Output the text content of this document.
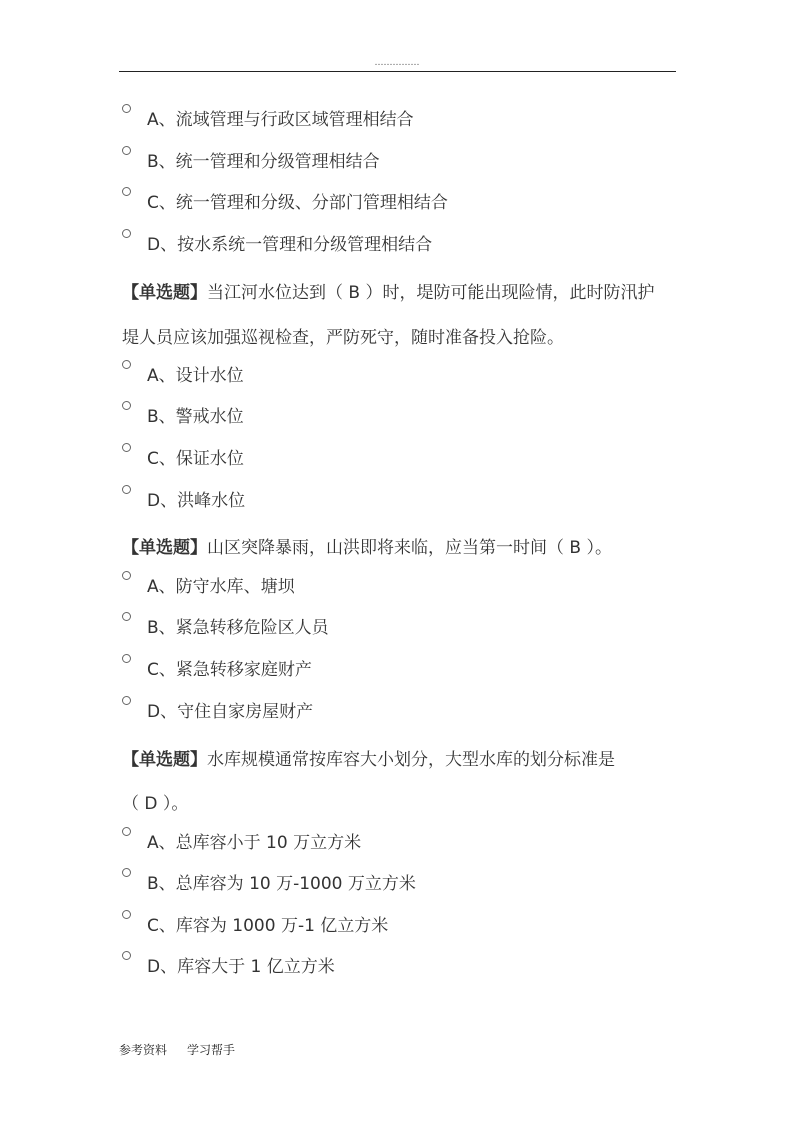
……………
A、流域管理与行政区域管理相结合
B、统一管理和分级管理相结合
C、统一管理和分级、分部门管理相结合
D、按水系统一管理和分级管理相结合
【单选题】当江河水位达到（ B ）时，堤防可能出现险情，此时防汛护
堤人员应该加强巡视检查，严防死守，随时准备投入抢险。
A、设计水位
B、警戒水位
C、保证水位
D、洪峰水位
【单选题】山区突降暴雨，山洪即将来临，应当第一时间（ B ）。
A、防守水库、塘坝
B、紧急转移危险区人员
C、紧急转移家庭财产
D、守住自家房屋财产
【单选题】水库规模通常按库容大小划分，大型水库的划分标准是
（ D ）。
A、总库容小于 10 万立方米
B、总库容为 10 万-1000 万立方米
C、库容为 1000 万-1 亿立方米
D、库容大于 1 亿立方米
参考资料 学习帮手
